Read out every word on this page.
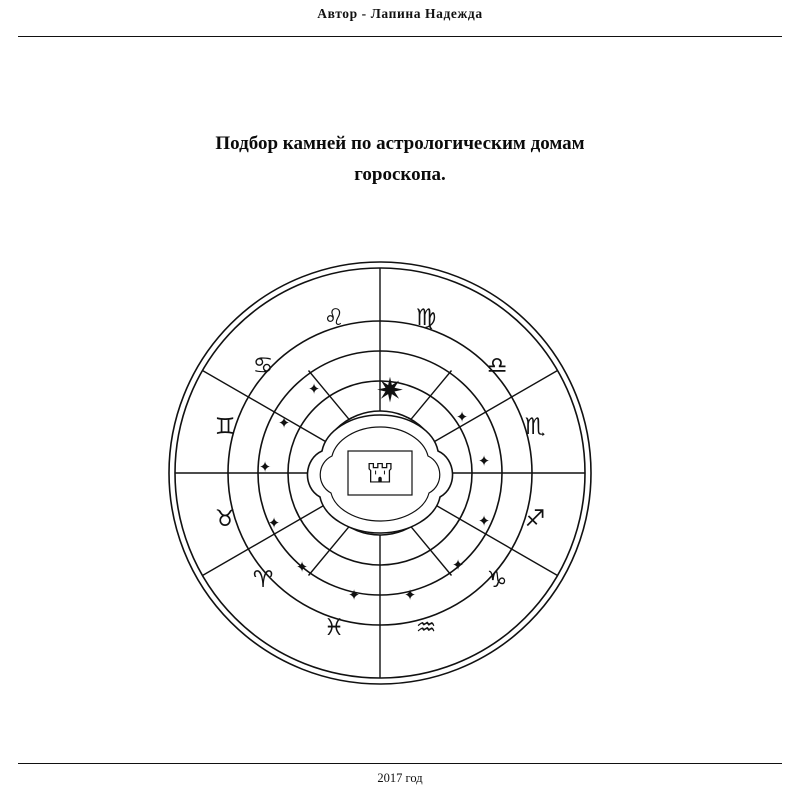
Автор - Лапина Надежда
Подбор камней по астрологическим домам
гороскопа.
♍
♎
♏
♐
♑
♒
♓
♈
♉
♊
♋
♌
✷
✦
✦
✦
✦
✦
✦	✦
✦
✦
✦
✦
⛫
2017 год
